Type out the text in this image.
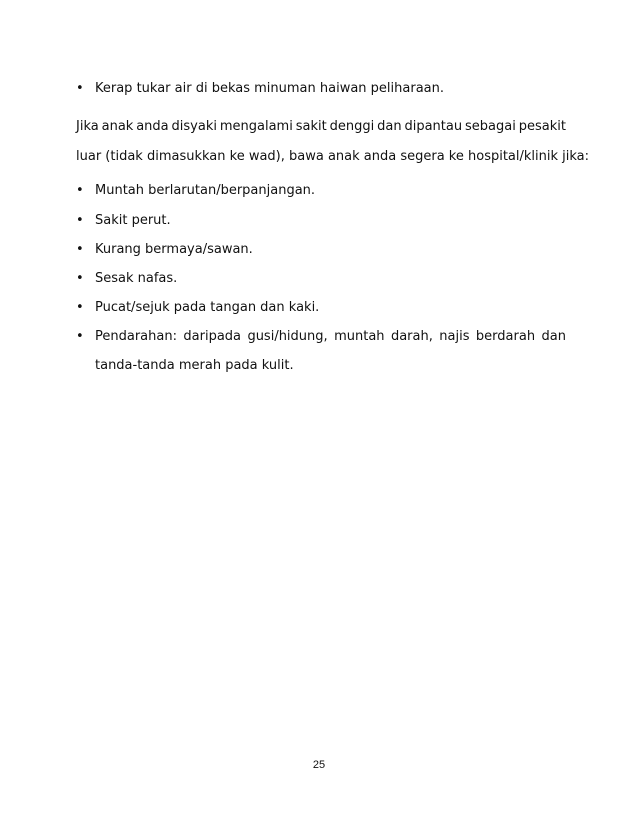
• Kerap tukar air di bekas minuman haiwan peliharaan.
Jika anak anda disyaki mengalami sakit denggi dan dipantau sebagai pesakit
luar (tidak dimasukkan ke wad), bawa anak anda segera ke hospital/klinik jika:
• Muntah berlarutan/berpanjangan.
• Sakit perut.
• Kurang bermaya/sawan.
• Sesak nafas.
• Pucat/sejuk pada tangan dan kaki.
• Pendarahan: daripada gusi/hidung, muntah darah, najis berdarah dan
tanda-tanda merah pada kulit.
25
